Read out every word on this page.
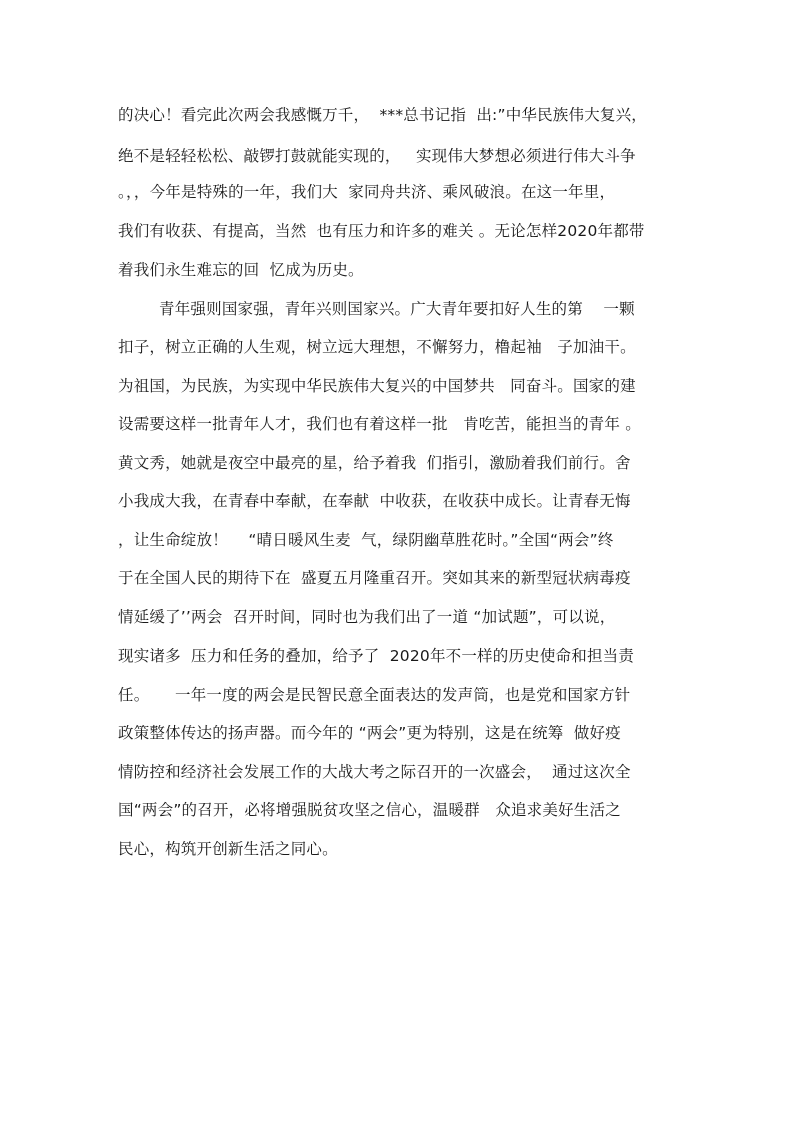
的决心！看完此次两会我感慨万千，  ***总书记指  出:”中华民族伟大复兴，
绝不是轻轻松松、敲锣打鼓就能实现的，   实现伟大梦想必须进行伟大斗争
。，，今年是特殊的一年，我们大  家同舟共济、乘风破浪。在这一年里，
我们有收获、有提高，当然  也有压力和许多的难关 。无论怎样2020年都带
着我们永生难忘的回  忆成为历史。
青年强则国家强，青年兴则国家兴。广大青年要扣好人生的第    一颗
扣子，树立正确的人生观，树立远大理想，不懈努力，橹起袖   子加油干。
为祖国，为民族，为实现中华民族伟大复兴的中国梦共   同奋斗。国家的建
设需要这样一批青年人才，我们也有着这样一批   肯吃苦，能担当的青年 。
黄文秀，她就是夜空中最亮的星，给予着我  们指引，激励着我们前行。舍
小我成大我，在青春中奉献，在奉献  中收获，在收获中成长。让青春无悔
，让生命绽放！    “晴日暖风生麦  气，绿阴幽草胜花时。”全国“两会”终
于在全国人民的期待下在  盛夏五月隆重召开。突如其来的新型冠状病毒疫
情延缓了’’两会  召开时间，同时也为我们出了一道 “加试题”，可以说，
现实诸多  压力和任务的叠加，给予了  2020年不一样的历史使命和担当责
任。     一年一度的两会是民智民意全面表达的发声筒，也是党和国家方针
政策整体传达的扬声器。而今年的 “两会”更为特别，这是在统筹  做好疫
情防控和经济社会发展工作的大战大考之际召开的一次盛会，  通过这次全
国“两会”的召开，必将增强脱贫攻坚之信心，温暖群   众追求美好生活之
民心，构筑开创新生活之同心。
